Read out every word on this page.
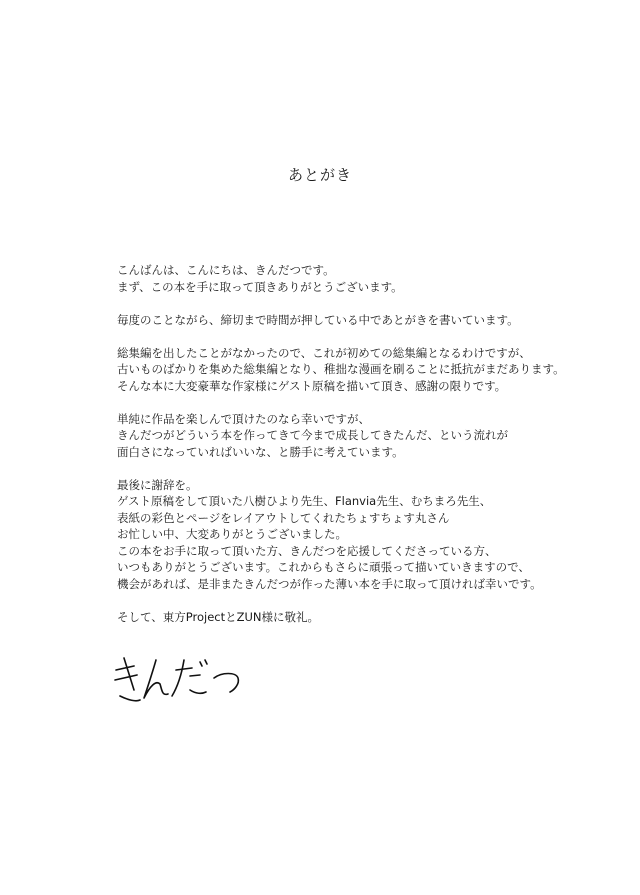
あとがき
こんばんは、こんにちは、きんだつです。
まず、この本を手に取って頂きありがとうございます。
毎度のことながら、締切まで時間が押している中であとがきを書いています。
総集編を出したことがなかったので、これが初めての総集編となるわけですが、
古いものばかりを集めた総集編となり、稚拙な漫画を刷ることに抵抗がまだあります。
そんな本に大変豪華な作家様にゲスト原稿を描いて頂き、感謝の限りです。
単純に作品を楽しんで頂けたのなら幸いですが、
きんだつがどういう本を作ってきて今まで成長してきたんだ、という流れが
面白さになっていればいいな、と勝手に考えています。
最後に謝辞を。
ゲスト原稿をして頂いた八樹ひより先生、Flanvia先生、むちまろ先生、
表紙の彩色とページをレイアウトしてくれたちょすちょす丸さん
お忙しい中、大変ありがとうございました。
この本をお手に取って頂いた方、きんだつを応援してくださっている方、
いつもありがとうございます。これからもさらに頑張って描いていきますので、
機会があれば、是非またきんだつが作った薄い本を手に取って頂ければ幸いです。
そして、東方ProjectとZUN様に敬礼。
